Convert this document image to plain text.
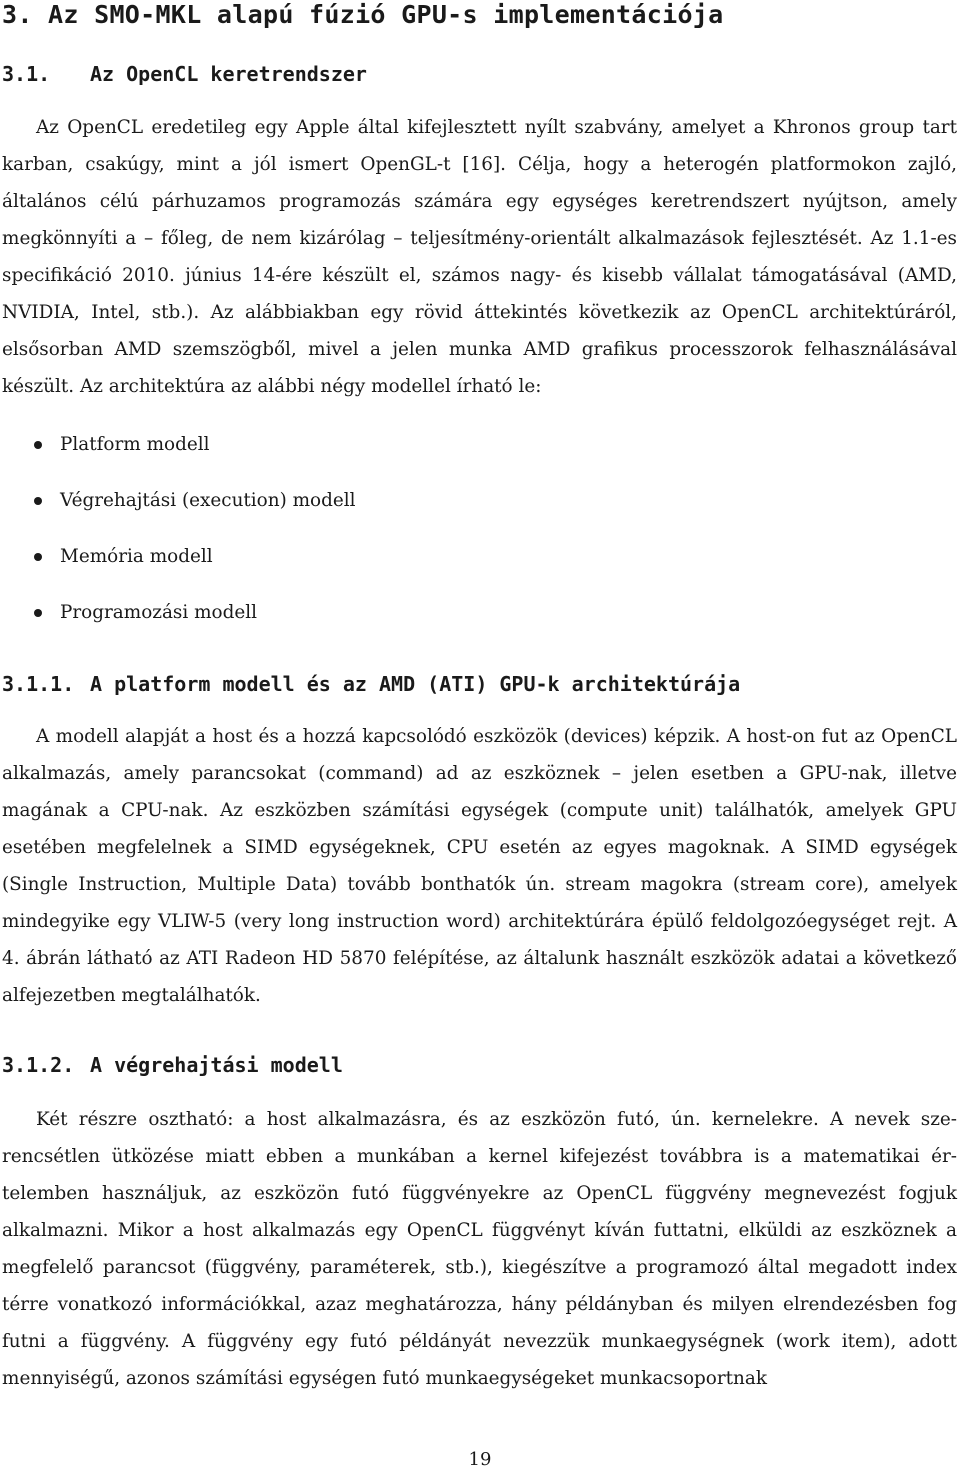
3. Az SMO-MKL alapú fúzió GPU-s implementációja
3.1. Az OpenCL keretrendszer

Az OpenCL eredetileg egy Apple által kifejlesztett nyílt szabvány, amelyet a Khronos group tart karban, csakúgy, mint a jól ismert OpenGL-t [16]. Célja, hogy a heterogén platformokon zajló, általános célú párhuzamos programozás számára egy egységes keretrendszert nyújtson, amely megkönnyíti a – főleg, de nem kizárólag – teljesítmény-orientált alkalmazások fejlesztését. Az 1.1-es specifikáció 2010. június 14-ére készült el, számos nagy- és kisebb vállalat támogatásával (AMD, NVIDIA, Intel, stb.). Az alábbiakban egy rövid áttekintés következik az OpenCL architektúráról, elsősorban AMD szemszögből, mivel a jelen munka AMD grafikus processzorok felhasználásával készült. Az architektúra az alábbi négy modellel írható le:

Platform modell
Végrehajtási (execution) modell
Memória modell
Programozási modell
3.1.1. A platform modell és az AMD (ATI) GPU-k architektúrája

A modell alapját a host és a hozzá kapcsolódó eszközök (devices) képzik. A host-on fut az OpenCL alkalmazás, amely parancsokat (command) ad az eszköznek – jelen esetben a GPU-nak, illetve magának a CPU-nak. Az eszközben számítási egységek (compute unit) találhatók, amelyek GPU esetében megfelelnek a SIMD egységeknek, CPU esetén az egyes magoknak. A SIMD egységek (Single Instruction, Multiple Data) tovább bonthatók ún. stream magokra (stream core), amelyek mindegyike egy VLIW-5 (very long instruction word) architektúrára épülő feldolgozóegységet rejt. A 4. ábrán látható az ATI Radeon HD 5870 felépítése, az általunk használt eszközök adatai a következő alfejezetben megtalálhatók.

3.1.2. A végrehajtási modell

Két részre osztható: a host alkalmazásra, és az eszközön futó, ún. kernelekre. A nevek szerencsétlen ütközése miatt ebben a munkában a kernel kifejezést továbbra is a matematikai értelemben használjuk, az eszközön futó függvényekre az OpenCL függvény megnevezést fogjuk alkalmazni. Mikor a host alkalmazás egy OpenCL függvényt kíván futtatni, elküldi az eszköznek a megfelelő parancsot (függvény, paraméterek, stb.), kiegészítve a programozó által megadott index térre vonatkozó információkkal, azaz meghatározza, hány példányban és milyen elrendezésben fog futni a függvény. A függvény egy futó példányát nevezzük munkaegységnek (work item), adott mennyiségű, azonos számítási egységen futó munkaegységeket munkacsoportnak

19
